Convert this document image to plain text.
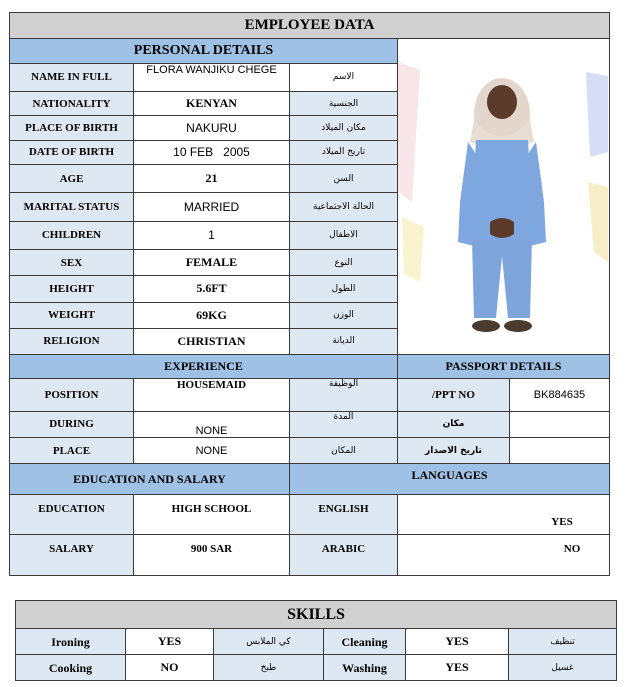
EMPLOYEE DATA				
PERSONAL DETAILS	

NAME IN FULL	FLORA WANJIKU CHEGE	الاسم		
NATIONALITY	KENYAN	الجنسية		
PLACE OF BIRTH	NAKURU	مكان الميلاد		
DATE OF BIRTH	10 FEB   2005	تاريخ الميلاد		
AGE	21	السن		
MARITAL STATUS	MARRIED	الحالة الاجتماعية		
CHILDREN	1	الاطفال		
SEX	FEMALE	النوع		
HEIGHT	5.6FT	الطول		
WEIGHT	69KG	الوزن		
RELIGION	CHRISTIAN	الديانة		
EXPERIENCE			PASSPORT DETAILS	
POSITION	HOUSEMAID	الوظيفة	PPT NO/	BK884635
DURING	NONE	المدة	مكان	
PLACE	NONE	المكان	تاريخ الاصدار	
EDUCATION AND SALARY		LANGUAGES		
EDUCATION	HIGH SCHOOL	ENGLISH	YES	
SALARY	900 SAR	ARABIC	NO	
SKILLS					
Ironing	YES	كي الملابس	Cleaning	YES	تنظيف
Cooking	NO	طبخ	Washing	YES	غسيل
